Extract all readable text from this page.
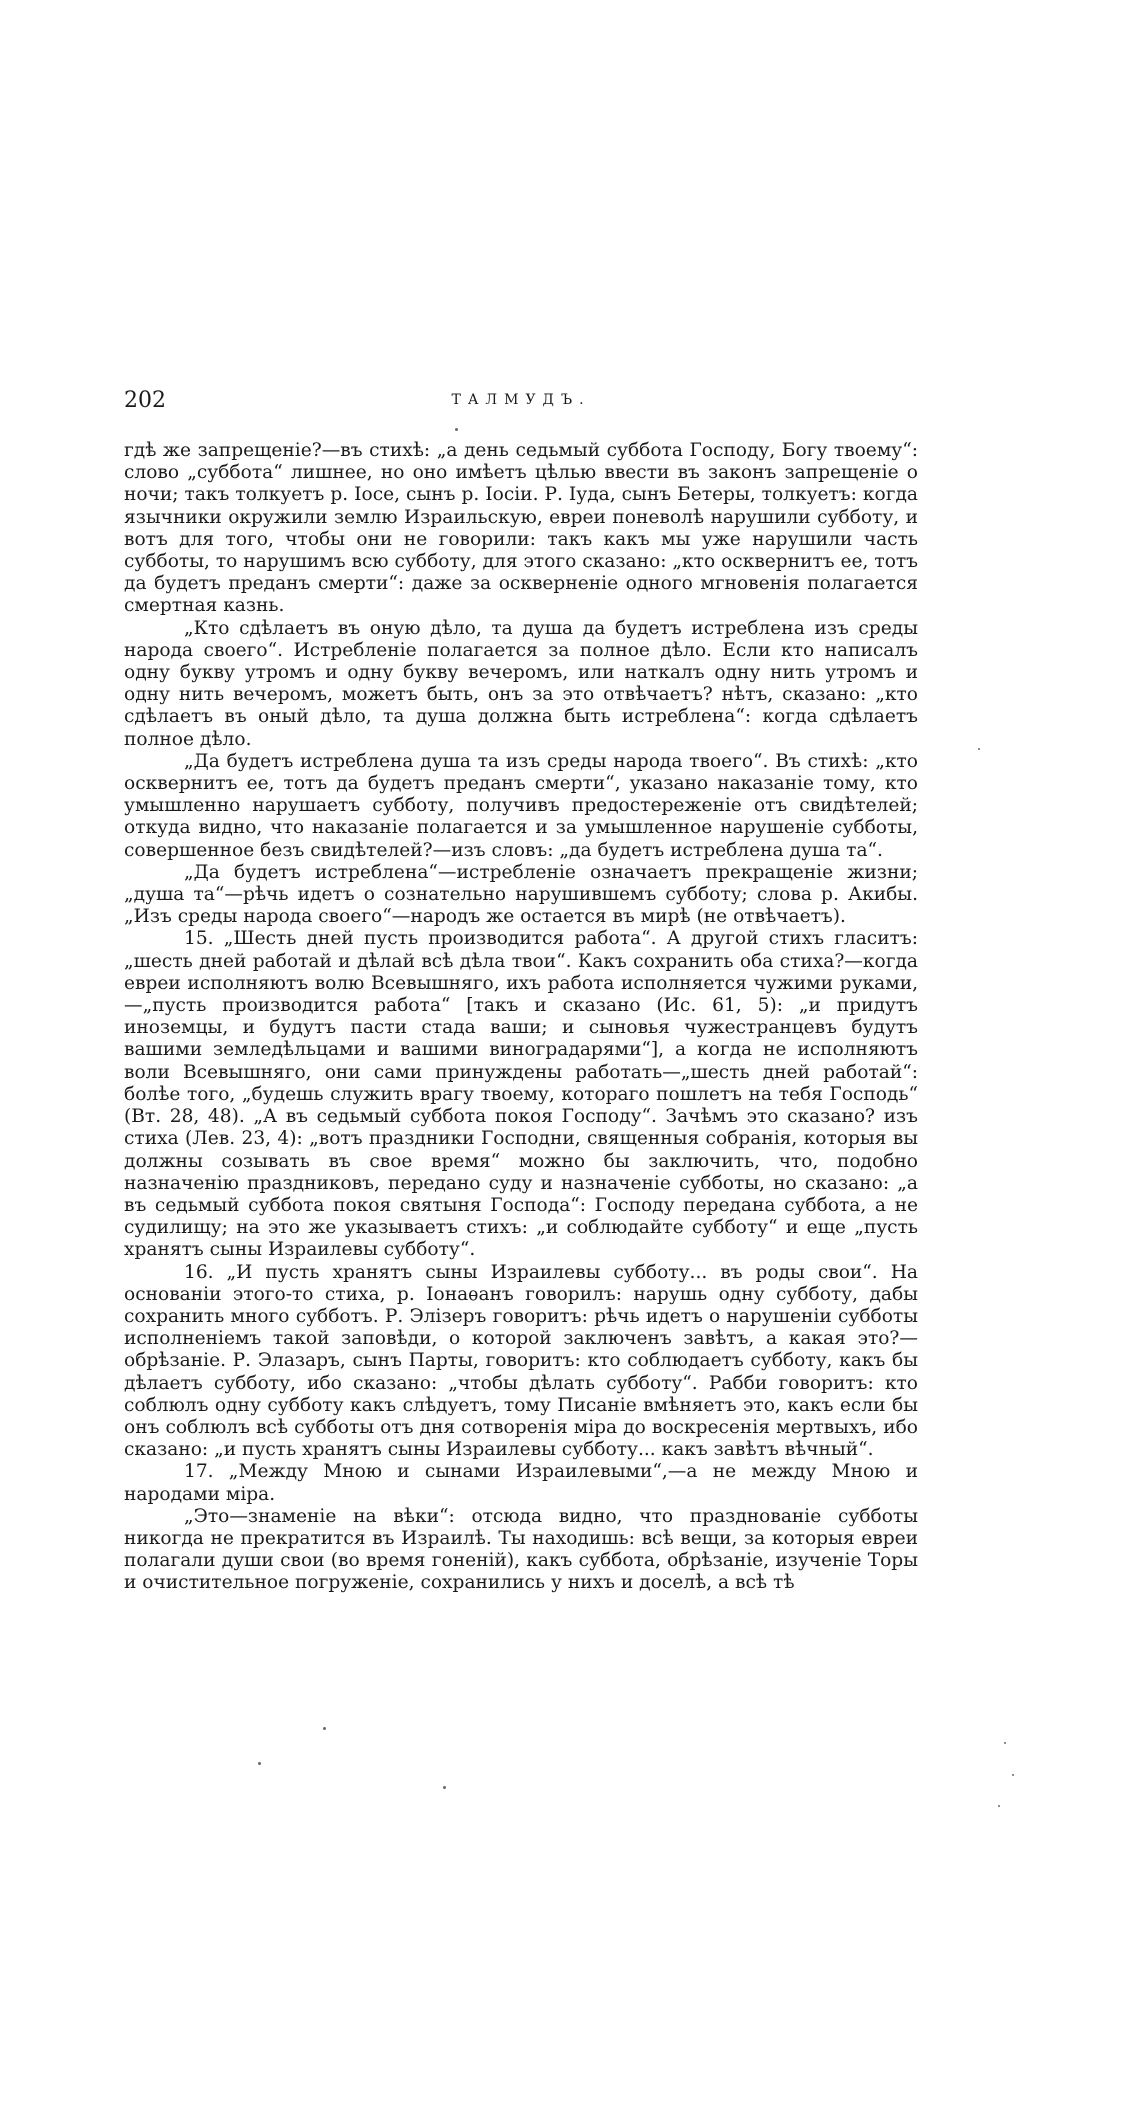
202	ТАЛМУДЪ.

гдѣ же запрещеніе?—въ стихѣ: „а день седьмый суббота Господу, Богу твоему“: слово „суббота“ лишнее, но оно имѣетъ цѣлью ввести въ законъ запрещеніе о ночи; такъ толкуетъ р. Іосе, сынъ р. Іосіи. Р. Іуда, сынъ Бетеры, толкуетъ: когда язычники окружили землю Израильскую, евреи поневолѣ нарушили субботу, и вотъ для того, чтобы они не говорили: такъ какъ мы уже нарушили часть субботы, то нарушимъ всю субботу, для этого сказано: „кто осквернитъ ее, тотъ да будетъ преданъ смерти“: даже за оскверненіе одного мгновенія полагается смертная казнь.

„Кто сдѣлаетъ въ оную дѣло, та душа да будетъ истреблена изъ среды народа своего“. Истребленіе полагается за полное дѣло. Если кто написалъ одну букву утромъ и одну букву вечеромъ, или наткалъ одну нить утромъ и одну нить вечеромъ, можетъ быть, онъ за это отвѣчаетъ? нѣтъ, сказано: „кто сдѣлаетъ въ оный дѣло, та душа должна быть истреблена“: когда сдѣлаетъ полное дѣло.

„Да будетъ истреблена душа та изъ среды народа твоего“. Въ стихѣ: „кто осквернитъ ее, тотъ да будетъ преданъ смерти“, указано наказаніе тому, кто умышленно нарушаетъ субботу, получивъ предостереженіе отъ свидѣтелей; откуда видно, что наказаніе полагается и за умышленное нарушеніе субботы, совершенное безъ свидѣтелей?—изъ словъ: „да будетъ истреблена душа та“.

„Да будетъ истреблена“—истребленіе означаетъ прекращеніе жизни; „душа та“—рѣчь идетъ о сознательно нарушившемъ субботу; слова р. Акибы. „Изъ среды народа своего“—народъ же остается въ мирѣ (не отвѣчаетъ).

15. „Шесть дней пусть производится работа“. А другой стихъ гласитъ: „шесть дней работай и дѣлай всѣ дѣла твои“. Какъ сохранить оба стиха?—когда евреи исполняютъ волю Всевышняго, ихъ работа исполняется чужими руками,—„пусть производится работа“ [такъ и сказано (Ис. 61, 5): „и придутъ иноземцы, и будутъ пасти стада ваши; и сыновья чужестранцевъ будутъ вашими земледѣльцами и вашими виноградарями“], а когда не исполняютъ воли Всевышняго, они сами принуждены работать—„шесть дней работай“: болѣе того, „будешь служить врагу твоему, котораго пошлетъ на тебя Господь“ (Вт. 28, 48). „А въ седьмый суббота покоя Господу“. Зачѣмъ это сказано? изъ стиха (Лев. 23, 4): „вотъ праздники Господни, священныя собранія, которыя вы должны созывать въ свое время“ можно бы заключить, что, подобно назначенію праздниковъ, передано суду и назначеніе субботы, но сказано: „а въ седьмый суббота покоя святыня Господа“: Господу передана суббота, а не судилищу; на это же указываетъ стихъ: „и соблюдайте субботу“ и еще „пусть хранятъ сыны Израилевы субботу“.

16. „И пусть хранятъ сыны Израилевы субботу... въ роды свои“. На основаніи этого-то стиха, р. Іонаѳанъ говорилъ: нарушь одну субботу, дабы сохранить много субботъ. Р. Элізеръ говоритъ: рѣчь идетъ о нарушеніи субботы исполненіемъ такой заповѣди, о которой заключенъ завѣтъ, а какая это?—обрѣзаніе. Р. Элазаръ, сынъ Парты, говоритъ: кто соблюдаетъ субботу, какъ бы дѣлаетъ субботу, ибо сказано: „чтобы дѣлать субботу“. Рабби говоритъ: кто соблюлъ одну субботу какъ слѣдуетъ, тому Писаніе вмѣняетъ это, какъ если бы онъ соблюлъ всѣ субботы отъ дня сотворенія міра до воскресенія мертвыхъ, ибо сказано: „и пусть хранятъ сыны Израилевы субботу... какъ завѣтъ вѣчный“.

17. „Между Мною и сынами Израилевыми“,—а не между Мною и народами міра.

„Это—знаменіе на вѣки“: отсюда видно, что празднованіе субботы никогда не прекратится въ Израилѣ. Ты находишь: всѣ вещи, за которыя евреи полагали души свои (во время гоненій), какъ суббота, обрѣзаніе, изученіе Торы и очистительное погруженіе, сохранились у нихъ и доселѣ, а всѣ тѣ
